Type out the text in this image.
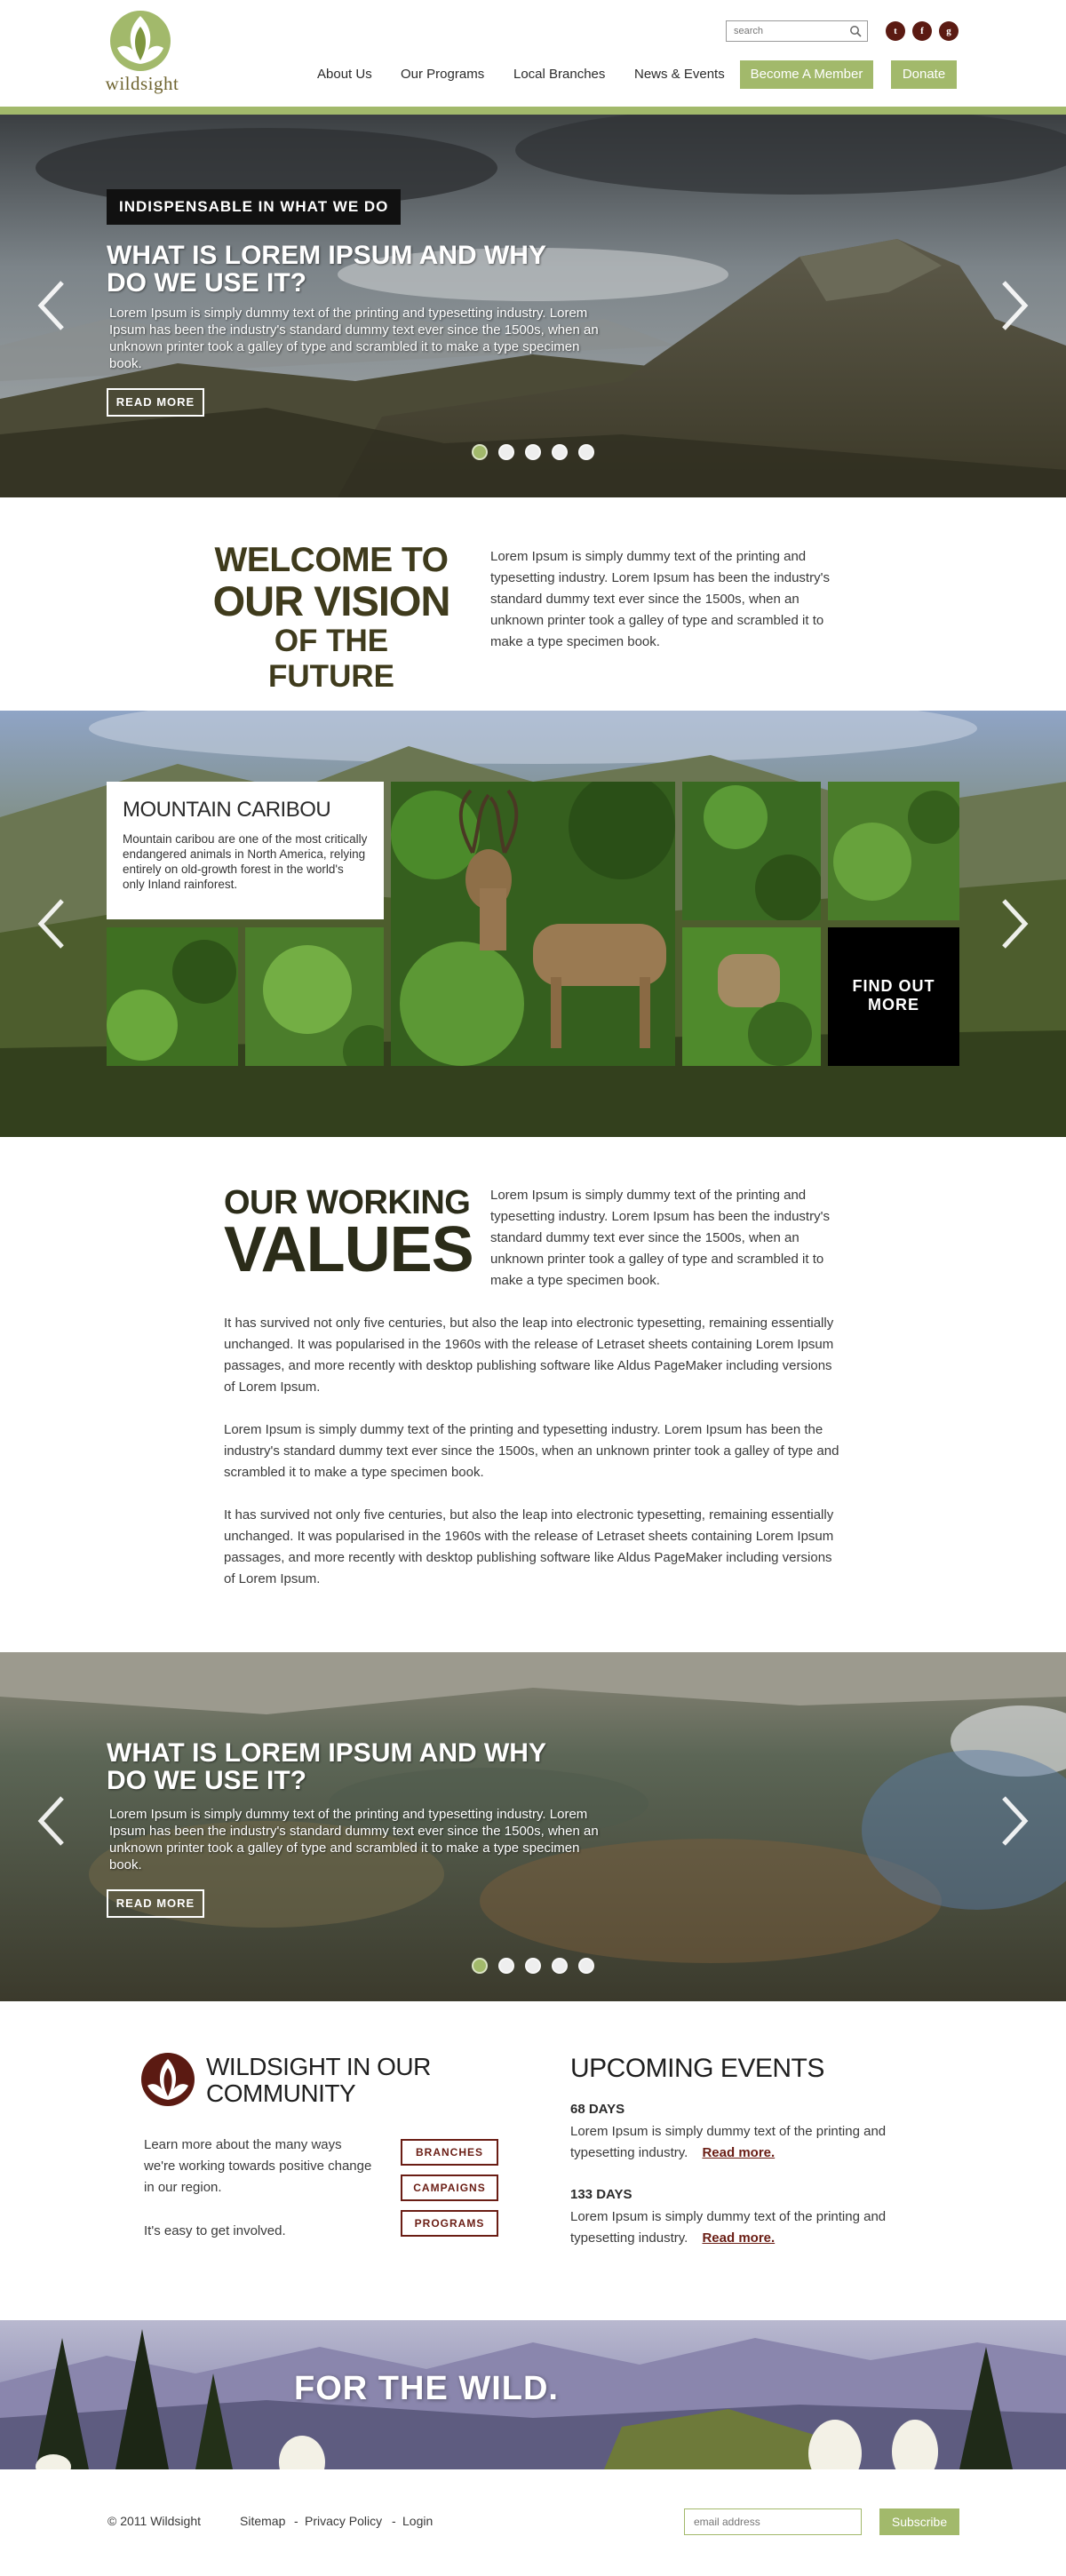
wildsight
search
t	f	g
About Us Our Programs Local Branches News & Events	Become A Member	Donate
INDISPENSABLE IN WHAT WE DO
WHAT IS LOREM IPSUM AND WHY
DO WE USE IT?
Lorem Ipsum is simply dummy text of the printing and typesetting industry. Lorem Ipsum has been the industry's standard dummy text ever since the 1500s, when an unknown printer took a galley of type and scrambled it to make a type specimen book.
READ MORE
WELCOME TO
OUR VISION
OF THE FUTURE
Lorem Ipsum is simply dummy text of the printing and typesetting industry. Lorem Ipsum has been the industry's standard dummy text ever since the 1500s, when an unknown printer took a galley of type and scrambled it to make a type specimen book.
MOUNTAIN CARIBOU

Mountain caribou are one of the most critically endangered animals in North America, relying entirely on old-growth forest in the world's only Inland rainforest.

FIND OUT MORE
OUR WORKING
VALUES
Lorem Ipsum is simply dummy text of the printing and typesetting industry. Lorem Ipsum has been the industry's standard dummy text ever since the 1500s, when an unknown printer took a galley of type and scrambled it to make a type specimen book.
It has survived not only five centuries, but also the leap into electronic typesetting, remaining essentially unchanged. It was popularised in the 1960s with the release of Letraset sheets containing Lorem Ipsum passages, and more recently with desktop publishing software like Aldus PageMaker including versions of Lorem Ipsum.
Lorem Ipsum is simply dummy text of the printing and typesetting industry. Lorem Ipsum has been the industry's standard dummy text ever since the 1500s, when an unknown printer took a galley of type and scrambled it to make a type specimen book.
It has survived not only five centuries, but also the leap into electronic typesetting, remaining essentially unchanged. It was popularised in the 1960s with the release of Letraset sheets containing Lorem Ipsum passages, and more recently with desktop publishing software like Aldus PageMaker including versions of Lorem Ipsum.
WHAT IS LOREM IPSUM AND WHY
DO WE USE IT?
Lorem Ipsum is simply dummy text of the printing and typesetting industry. Lorem Ipsum has been the industry's standard dummy text ever since the 1500s, when an unknown printer took a galley of type and scrambled it to make a type specimen book.
READ MORE
WILDSIGHT IN OUR
COMMUNITY
Learn more about the many ways we're working towards positive change in our region.
It's easy to get involved.
BRANCHES
CAMPAIGNS
PROGRAMS
UPCOMING EVENTS
68 DAYS
Lorem Ipsum is simply dummy text of the printing and typesetting industry. Read more.
133 DAYS
Lorem Ipsum is simply dummy text of the printing and typesetting industry. Read more.
FOR THE WILD.
© 2011 Wildsight	Sitemap - Privacy Policy - Login
email address	Subscribe
